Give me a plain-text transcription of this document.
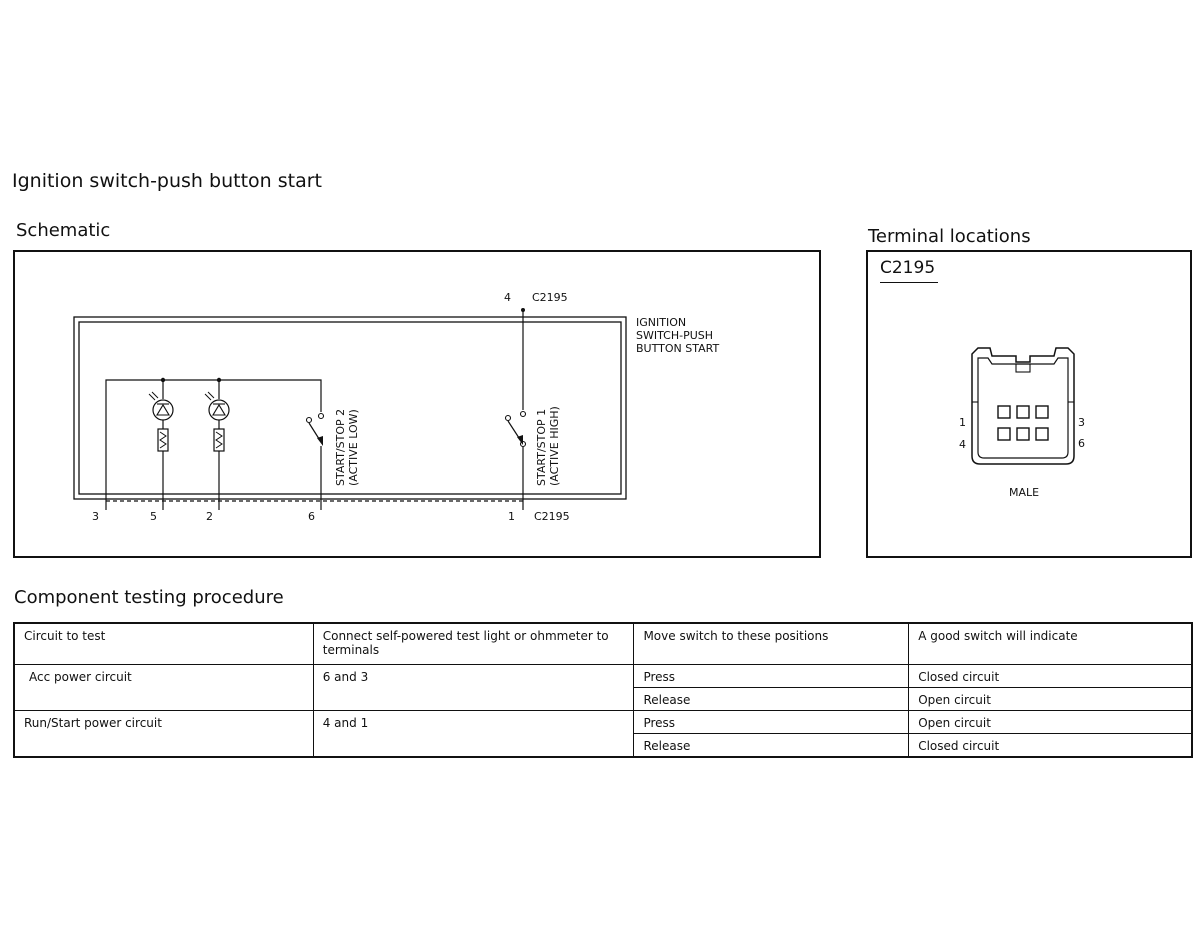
Ignition switch-push button start
Schematic	Terminal locations
IGNITION
SWITCH-PUSH
BUTTON START
4 C2195
START/STOP 2 (ACTIVE LOW)	START/STOP 1 (ACTIVE HIGH)
3	5	2	6	1 C2195
C2195
1
4
3
6
MALE
Component testing procedure
Circuit to test	Connect self-powered test light or ohmmeter to terminals	Move switch to these positions	A good switch will indicate
Acc power circuit	6 and 3	Press	Closed circuit
		Release	Open circuit
Run/Start power circuit	4 and 1	Press	Open circuit
		Release	Closed circuit
